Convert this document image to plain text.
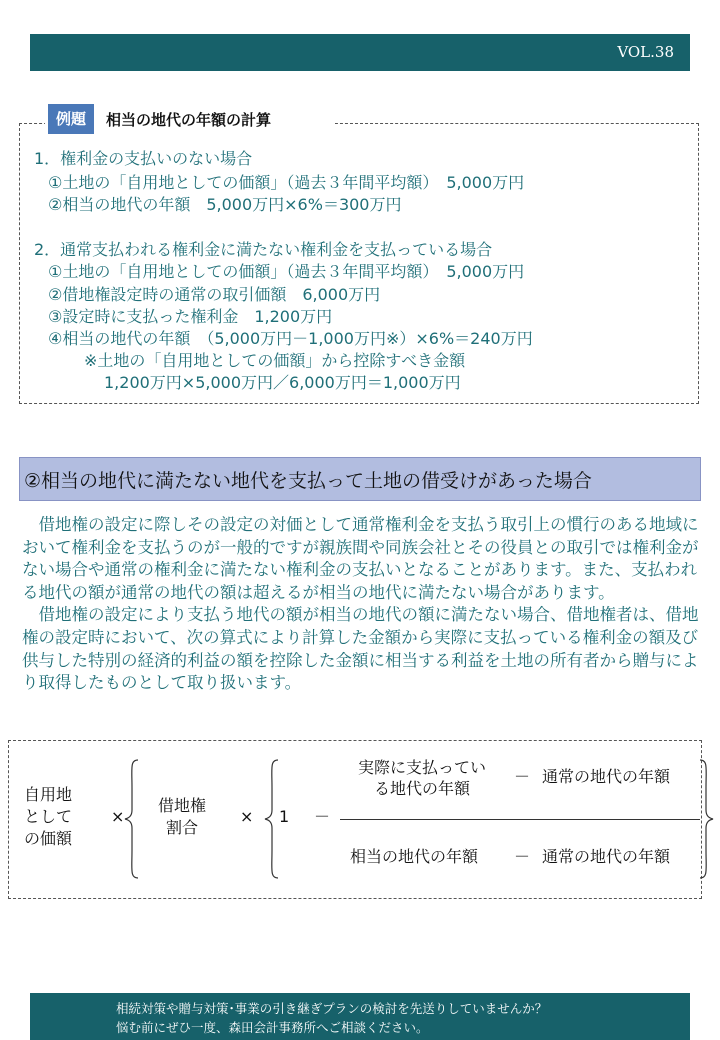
VOL.38
例題	相当の地代の年額の計算
1．権利金の支払いのない場合
①土地の「自用地としての価額」（過去３年間平均額）　5,000万円
②相当の地代の年額　5,000万円×6%＝300万円
2．通常支払われる権利金に満たない権利金を支払っている場合
①土地の「自用地としての価額」（過去３年間平均額）　5,000万円
②借地権設定時の通常の取引価額　6,000万円
③設定時に支払った権利金　1,200万円
④相当の地代の年額　（5,000万円－1,000万円※）×6%＝240万円
※土地の「自用地としての価額」から控除すべき金額
1,200万円×5,000万円／6,000万円＝1,000万円
②相当の地代に満たない地代を支払って土地の借受けがあった場合

借地権の設定に際しその設定の対価として通常権利金を支払う取引上の慣行のある地域において権利金を支払うのが一般的ですが親族間や同族会社とその役員との取引では権利金がない場合や通常の権利金に満たない権利金の支払いとなることがあります。また、支払われる地代の額が通常の地代の額は超えるが相当の地代に満たない場合があります。

借地権の設定により支払う地代の額が相当の地代の額に満たない場合、借地権者は、借地権の設定時において、次の算式により計算した金額から実際に支払っている権利金の額及び供与した特別の経済的利益の額を控除した金額に相当する利益を土地の所有者から贈与により取得したものとして取り扱います。

自用地
として
の価額
×
借地権
割合
× 1 －
実際に支払ってい
る地代の年額
－ 通常の地代の年額
相当の地代の年額 － 通常の地代の年額
相続対策や贈与対策･事業の引き継ぎプランの検討を先送りしていませんか？
悩む前にぜひ一度、森田会計事務所へご相談ください。
